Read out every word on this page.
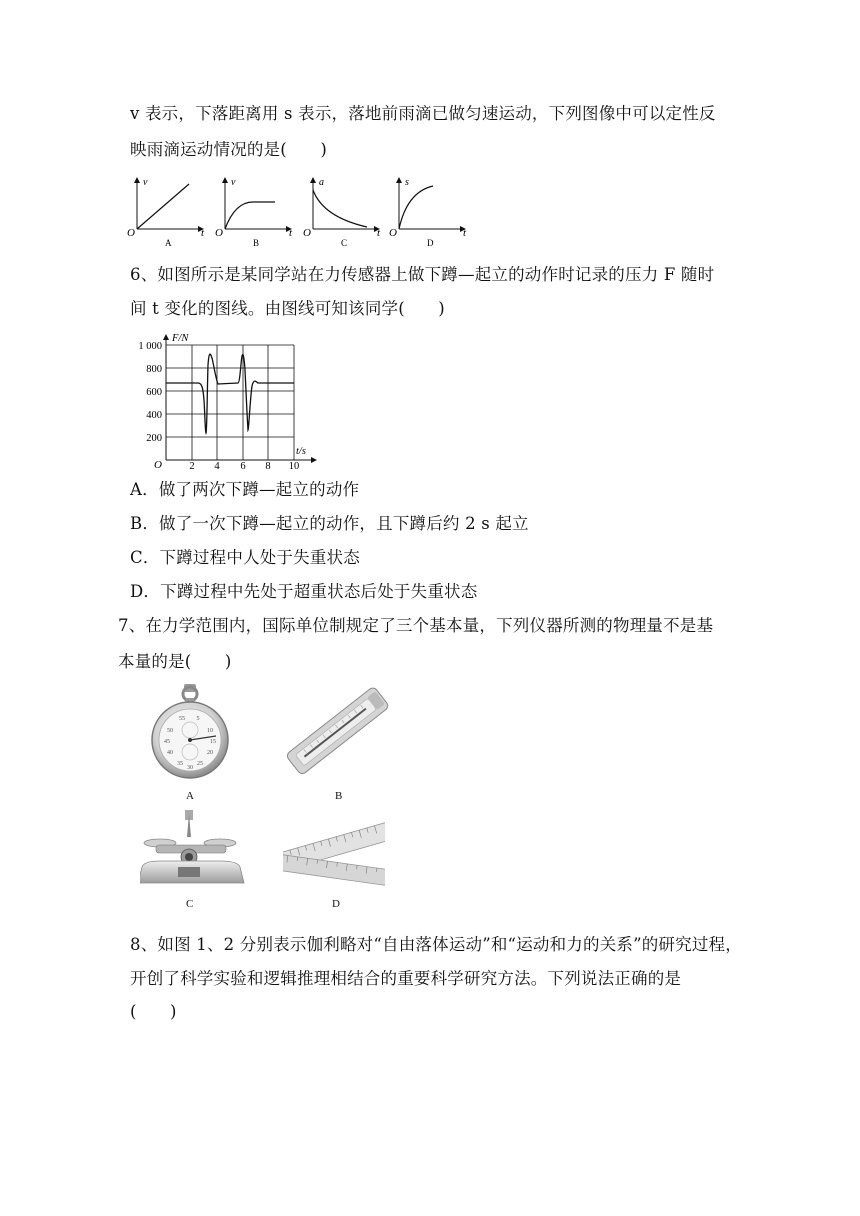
v 表示，下落距离用 s 表示，落地前雨滴已做匀速运动，下列图像中可以定性反
映雨滴运动情况的是(　　)
v
O	t
A
v
O	t
B
a
O	t
C
s
O	t
D
6、如图所示是某同学站在力传感器上做下蹲—起立的动作时记录的压力 F 随时
间 t 变化的图线。由图线可知该同学(　　)
F/N
t/s
O
1 000
800
600
400
200
2 4 6 8 10
A．做了两次下蹲—起立的动作
B．做了一次下蹲—起立的动作，且下蹲后约 2 s 起立
C．下蹲过程中人处于失重状态
D．下蹲过程中先处于超重状态后处于失重状态
7、在力学范围内，国际单位制规定了三个基本量，下列仪器所测的物理量不是基
本量的是(　　)
55 5
50	10
45	15
40	20
35 25
30
A	B
C	D
8、如图 1、2 分别表示伽利略对“自由落体运动”和“运动和力的关系”的研究过程，
开创了科学实验和逻辑推理相结合的重要科学研究方法。下列说法正确的是
(　　)
